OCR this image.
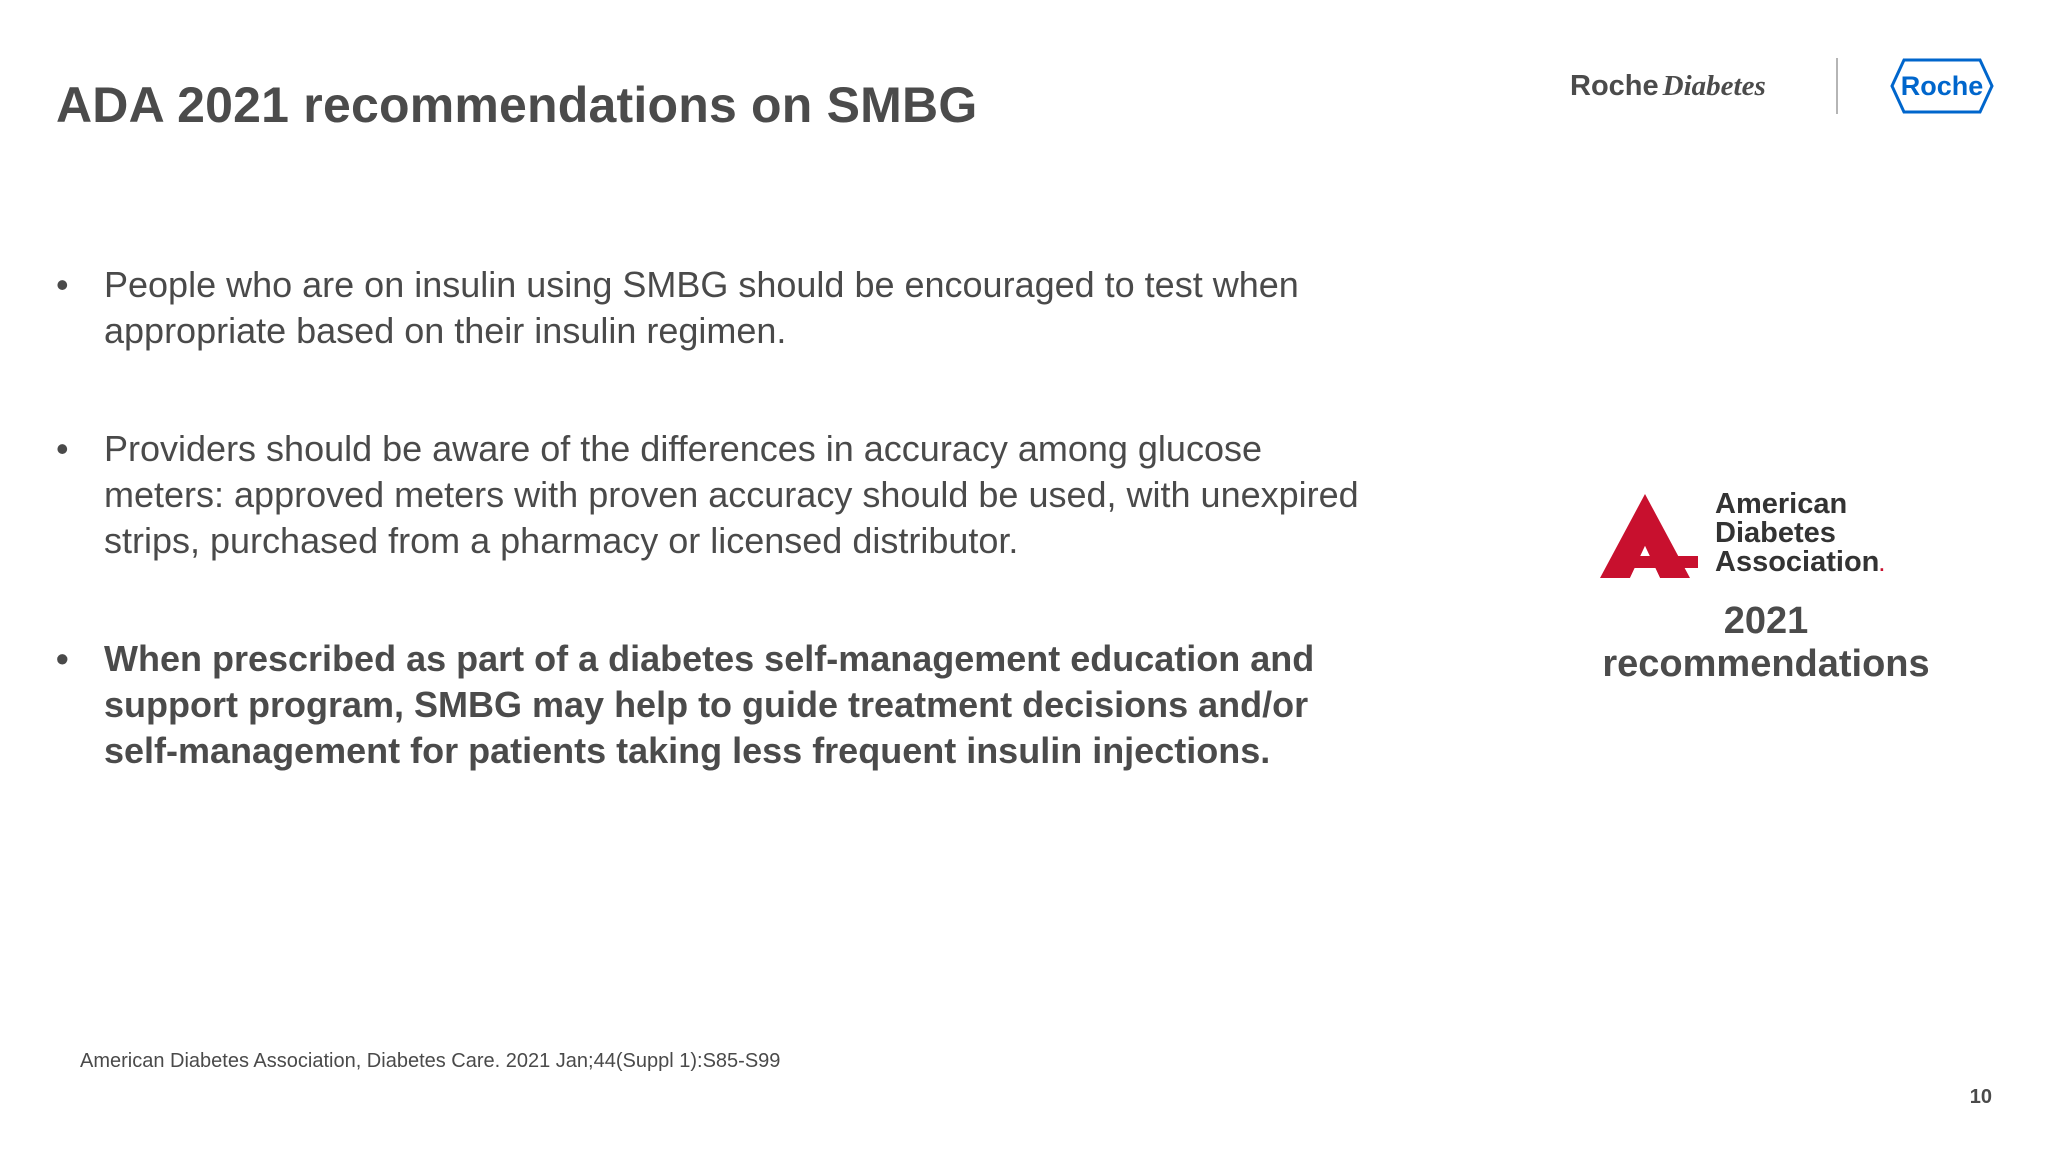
ADA 2021 recommendations on SMBG	Roche Diabetes	Roche
• People who are on insulin using SMBG should be encouraged to test when appropriate based on their insulin regimen.
• Providers should be aware of the differences in accuracy among glucose meters: approved meters with proven accuracy should be used, with unexpired strips, purchased from a pharmacy or licensed distributor.
• When prescribed as part of a diabetes self-management education and support program, SMBG may help to guide treatment decisions and/or self-management for patients taking less frequent insulin injections.
American
Diabetes
Association.
2021 recommendations
American Diabetes Association, Diabetes Care. 2021 Jan;44(Suppl 1):S85-S99
10
